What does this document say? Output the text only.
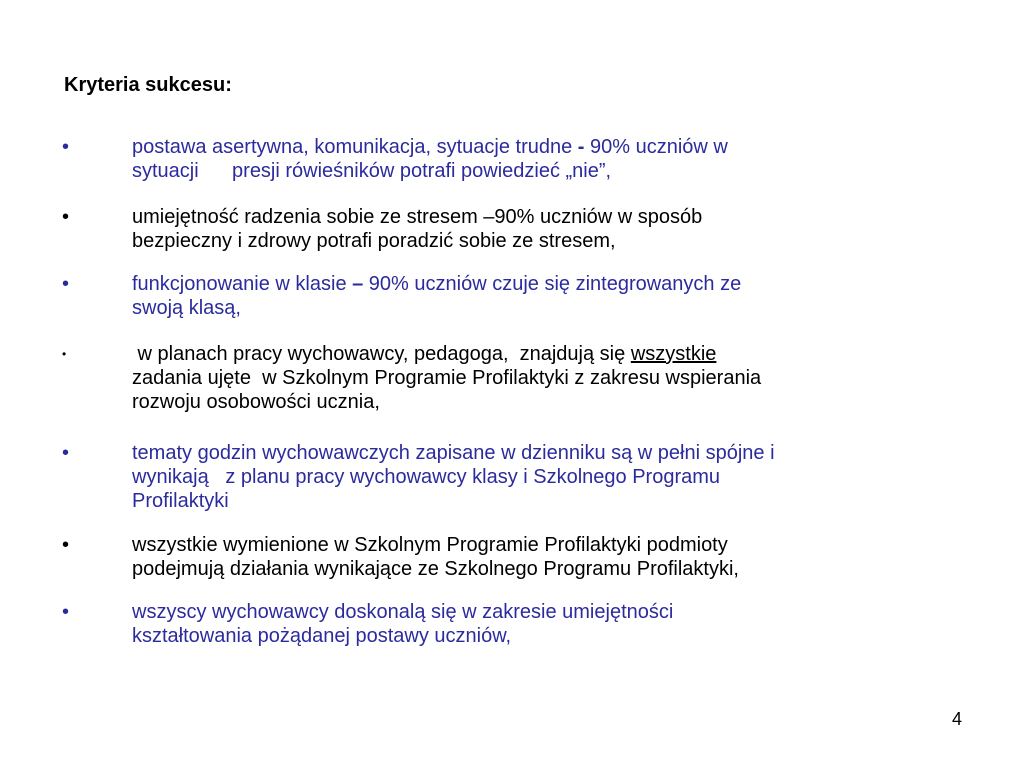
Kryteria sukcesu:
•	postawa asertywna, komunikacja, sytuacje trudne - 90% uczniów w
sytuacji      presji rówieśników potrafi powiedzieć „nie”,
•	umiejętność radzenia sobie ze stresem –90% uczniów w sposób
bezpieczny i zdrowy potrafi poradzić sobie ze stresem,
•	funkcjonowanie w klasie – 90% uczniów czuje się zintegrowanych ze
swoją klasą,
•	w planach pracy wychowawcy, pedagoga,  znajdują się wszystkie
zadania ujęte  w Szkolnym Programie Profilaktyki z zakresu wspierania
rozwoju osobowości ucznia,
•	tematy godzin wychowawczych zapisane w dzienniku są w pełni spójne i
wynikają   z planu pracy wychowawcy klasy i Szkolnego Programu
Profilaktyki
•	wszystkie wymienione w Szkolnym Programie Profilaktyki podmioty
podejmują działania wynikające ze Szkolnego Programu Profilaktyki,
•	wszyscy wychowawcy doskonalą się w zakresie umiejętności
kształtowania pożądanej postawy uczniów,
4
